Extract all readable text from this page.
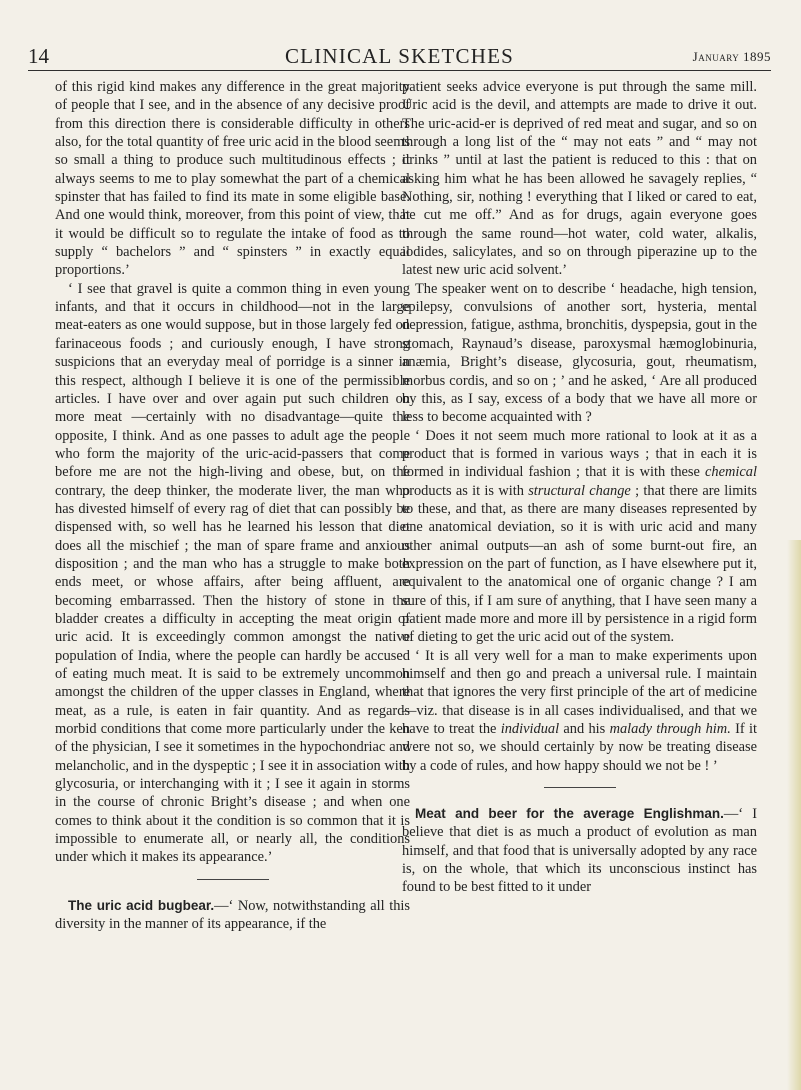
14	CLINICAL SKETCHES	January 1895

of this rigid kind makes any difference in the great majority of people that I see, and in the absence of any decisive proof from this direction there is considerable difficulty in others also, for the total quantity of free uric acid in the blood seems so small a thing to produce such multitudinous effects ; it always seems to me to play somewhat the part of a chemical spinster that has failed to find its mate in some eligible base. And one would think, moreover, from this point of view, that it would be difficult so to regulate the intake of food as to supply “ bachelors ” and “ spinsters ” in exactly equal proportions.’

‘ I see that gravel is quite a common thing in even young infants, and that it occurs in childhood—not in the large meat-eaters as one would suppose, but in those largely fed on farinaceous foods ; and curiously enough, I have strong suspicions that an everyday meal of porridge is a sinner in this respect, although I believe it is one of the permissible articles. I have over and over again put such children on more meat —certainly with no disadvantage—quite the opposite, I think. And as one passes to adult age the people who form the majority of the uric-acid-passers that come before me are not the high-living and obese, but, on the contrary, the deep thinker, the moderate liver, the man who has divested himself of every rag of diet that can possibly be dispensed with, so well has he learned his lesson that diet does all the mischief ; the man of spare frame and anxious disposition ; and the man who has a struggle to make both ends meet, or whose affairs, after being affluent, are becoming embarrassed. Then the history of stone in the bladder creates a difficulty in accepting the meat origin of uric acid. It is exceedingly common amongst the native population of India, where the people can hardly be accused of eating much meat. It is said to be extremely uncommon amongst the children of the upper classes in England, where meat, as a rule, is eaten in fair quantity. And as regards morbid conditions that come more particularly under the ken of the physician, I see it sometimes in the hypochondriac and melancholic, and in the dyspeptic ; I see it in association with glycosuria, or interchanging with it ; I see it again in storms in the course of chronic Bright’s disease ; and when one comes to think about it the condition is so common that it is impossible to enumerate all, or nearly all, the conditions under which it makes its appearance.’

The uric acid bugbear.—‘ Now, notwithstanding all this diversity in the manner of its appearance, if the

patient seeks advice everyone is put through the same mill. Uric acid is the devil, and attempts are made to drive it out. The uric-acid-er is deprived of red meat and sugar, and so on through a long list of the “ may not eats ” and “ may not drinks ” until at last the patient is reduced to this : that on asking him what he has been allowed he savagely replies, “ Nothing, sir, nothing ! everything that I liked or cared to eat, he cut me off.” And as for drugs, again everyone goes through the same round—hot water, cold water, alkalis, iodides, salicylates, and so on through piperazine up to the latest new uric acid solvent.’

The speaker went on to describe ‘ headache, high tension, epilepsy, convulsions of another sort, hysteria, mental depression, fatigue, asthma, bronchitis, dyspepsia, gout in the stomach, Raynaud’s disease, paroxysmal hæmoglobinuria, anæmia, Bright’s disease, glycosuria, gout, rheumatism, morbus cordis, and so on ; ’ and he asked, ‘ Are all produced by this, as I say, excess of a body that we have all more or less to become acquainted with ?

‘ Does it not seem much more rational to look at it as a product that is formed in various ways ; that in each it is formed in individual fashion ; that it is with these chemical products as it is with structural change ; that there are limits to these, and that, as there are many diseases represented by one anatomical deviation, so it is with uric acid and many other animal outputs—an ash of some burnt-out fire, an expression on the part of function, as I have elsewhere put it, equivalent to the anatomical one of organic change ? I am sure of this, if I am sure of anything, that I have seen many a patient made more and more ill by persistence in a rigid form of dieting to get the uric acid out of the system.

‘ It is all very well for a man to make experiments upon himself and then go and preach a universal rule. I maintain that that ignores the very first principle of the art of medicine—viz. that disease is in all cases individualised, and that we have to treat the individual and his malady through him. If it were not so, we should certainly by now be treating disease by a code of rules, and how happy should we not be ! ’

Meat and beer for the average Englishman.—‘ I believe that diet is as much a product of evolution as man himself, and that food that is universally adopted by any race is, on the whole, that which its unconscious instinct has found to be best fitted to it under
